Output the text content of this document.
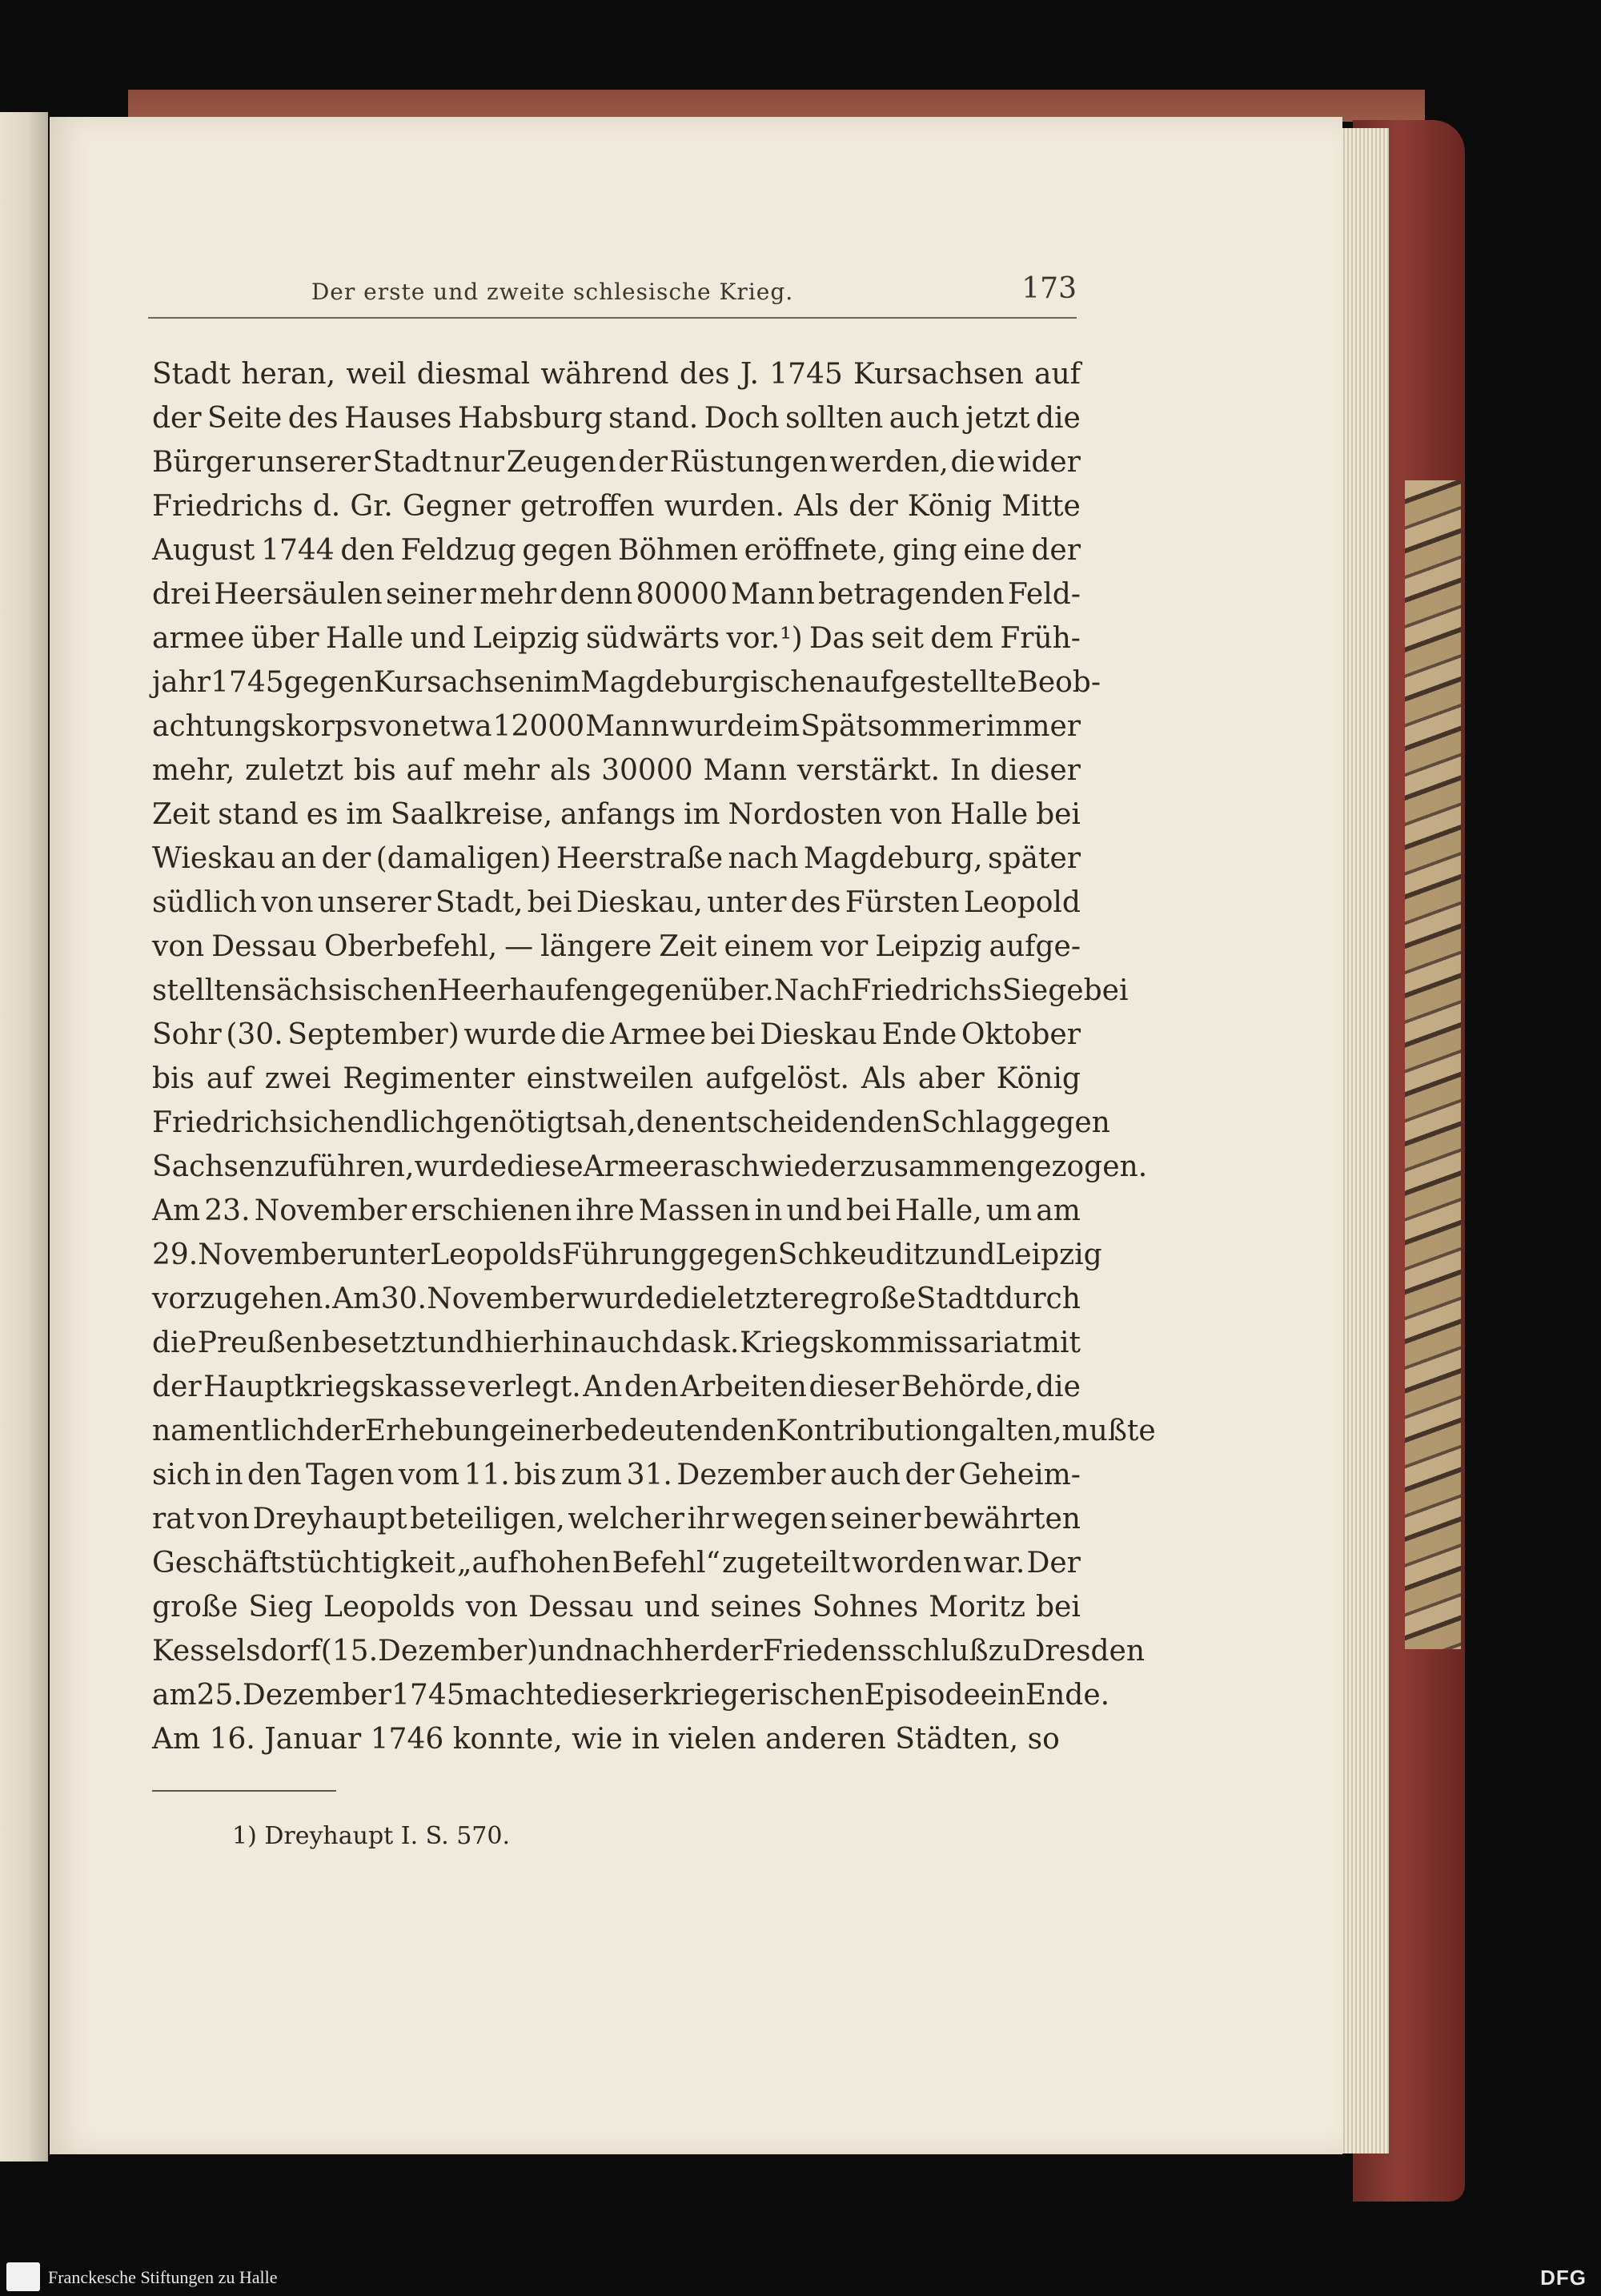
Der erste und zweite schlesische Krieg.	173
Stadt heran, weil diesmal während des J. 1745 Kursachsen auf
der Seite des Hauses Habsburg stand. Doch sollten auch jetzt die
Bürger unserer Stadt nur Zeugen der Rüstungen werden, die wider
Friedrichs d. Gr. Gegner getroffen wurden. Als der König Mitte
August 1744 den Feldzug gegen Böhmen eröffnete, ging eine der
drei Heersäulen seiner mehr denn 80000 Mann betragenden Feld-
armee über Halle und Leipzig südwärts vor.¹) Das seit dem Früh-
jahr 1745 gegen Kursachsen im Magdeburgischen aufgestellte Beob-
achtungskorps von etwa 12000 Mann wurde im Spätsommer immer
mehr, zuletzt bis auf mehr als 30000 Mann verstärkt. In dieser
Zeit stand es im Saalkreise, anfangs im Nordosten von Halle bei
Wieskau an der (damaligen) Heerstraße nach Magdeburg, später
südlich von unserer Stadt, bei Dieskau, unter des Fürsten Leopold
von Dessau Oberbefehl, — längere Zeit einem vor Leipzig aufge-
stellten sächsischen Heerhaufen gegenüber. Nach Friedrichs Siege bei
Sohr (30. September) wurde die Armee bei Dieskau Ende Oktober
bis auf zwei Regimenter einstweilen aufgelöst. Als aber König
Friedrich sich endlich genötigt sah, den entscheidenden Schlag gegen
Sachsen zu führen, wurde diese Armee rasch wieder zusammengezogen.
Am 23. November erschienen ihre Massen in und bei Halle, um am
29. November unter Leopolds Führung gegen Schkeuditz und Leipzig
vorzugehen. Am 30. November wurde die letztere große Stadt durch
die Preußen besetzt und hierhin auch das k. Kriegskommissariat mit
der Hauptkriegskasse verlegt. An den Arbeiten dieser Behörde, die
namentlich der Erhebung einer bedeutenden Kontribution galten, mußte
sich in den Tagen vom 11. bis zum 31. Dezember auch der Geheim-
rat von Dreyhaupt beteiligen, welcher ihr wegen seiner bewährten
Geschäftstüchtigkeit „auf hohen Befehl“ zugeteilt worden war. Der
große Sieg Leopolds von Dessau und seines Sohnes Moritz bei
Kesselsdorf (15. Dezember) und nachher der Friedensschluß zu Dresden
am 25. Dezember 1745 machte dieser kriegerischen Episode ein Ende.
Am 16. Januar 1746 konnte, wie in vielen anderen Städten, so
1) Dreyhaupt I. S. 570.
Franckesche Stiftungen zu Halle	DFG
